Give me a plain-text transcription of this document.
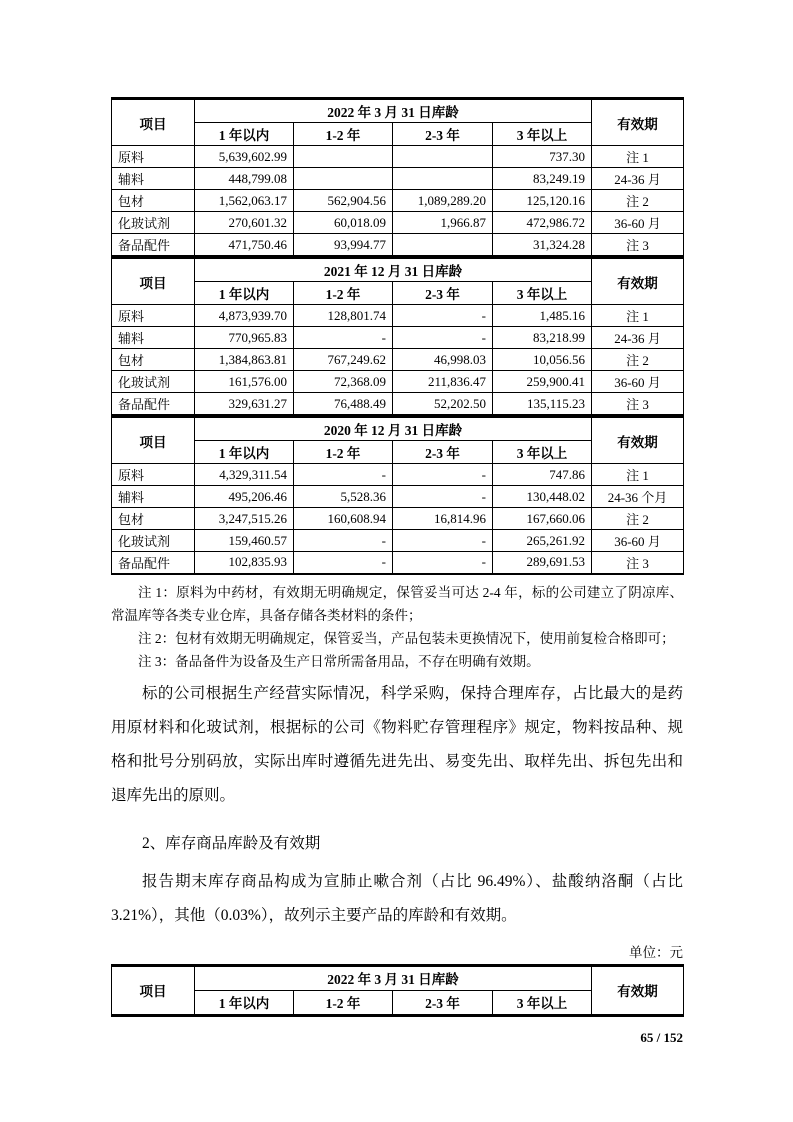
项目	2022 年 3 月 31 日库龄				有效期
	1 年以内	1-2 年	2-3 年	3 年以上	
原料	5,639,602.99			737.30	注 1
辅料	448,799.08			83,249.19	24-36 月
包材	1,562,063.17	562,904.56	1,089,289.20	125,120.16	注 2
化玻试剂	270,601.32	60,018.09	1,966.87	472,986.72	36-60 月
备品配件	471,750.46	93,994.77		31,324.28	注 3
项目	2021 年 12 月 31 日库龄				有效期
	1 年以内	1-2 年	2-3 年	3 年以上	
原料	4,873,939.70	128,801.74	-	1,485.16	注 1
辅料	770,965.83	-	-	83,218.99	24-36 月
包材	1,384,863.81	767,249.62	46,998.03	10,056.56	注 2
化玻试剂	161,576.00	72,368.09	211,836.47	259,900.41	36-60 月
备品配件	329,631.27	76,488.49	52,202.50	135,115.23	注 3
项目	2020 年 12 月 31 日库龄				有效期
	1 年以内	1-2 年	2-3 年	3 年以上	
原料	4,329,311.54	-	-	747.86	注 1
辅料	495,206.46	5,528.36	-	130,448.02	24-36 个月
包材	3,247,515.26	160,608.94	16,814.96	167,660.06	注 2
化玻试剂	159,460.57	-	-	265,261.92	36-60 月
备品配件	102,835.93	-	-	289,691.53	注 3

注 1：原料为中药材，有效期无明确规定，保管妥当可达 2-4 年，标的公司建立了阴凉库、常温库等各类专业仓库，具备存储各类材料的条件；

注 2：包材有效期无明确规定，保管妥当，产品包装未更换情况下，使用前复检合格即可；

注 3：备品备件为设备及生产日常所需备用品，不存在明确有效期。

标的公司根据生产经营实际情况，科学采购，保持合理库存，占比最大的是药用原材料和化玻试剂，根据标的公司《物料贮存管理程序》规定，物料按品种、规格和批号分别码放，实际出库时遵循先进先出、易变先出、取样先出、拆包先出和退库先出的原则。

2、库存商品库龄及有效期

报告期末库存商品构成为宣肺止嗽合剂（占比 96.49%）、盐酸纳洛酮（占比 3.21%），其他（0.03%），故列示主要产品的库龄和有效期。

单位：元

项目	2022 年 3 月 31 日库龄				有效期
	1 年以内	1-2 年	2-3 年	3 年以上	

65 / 152
